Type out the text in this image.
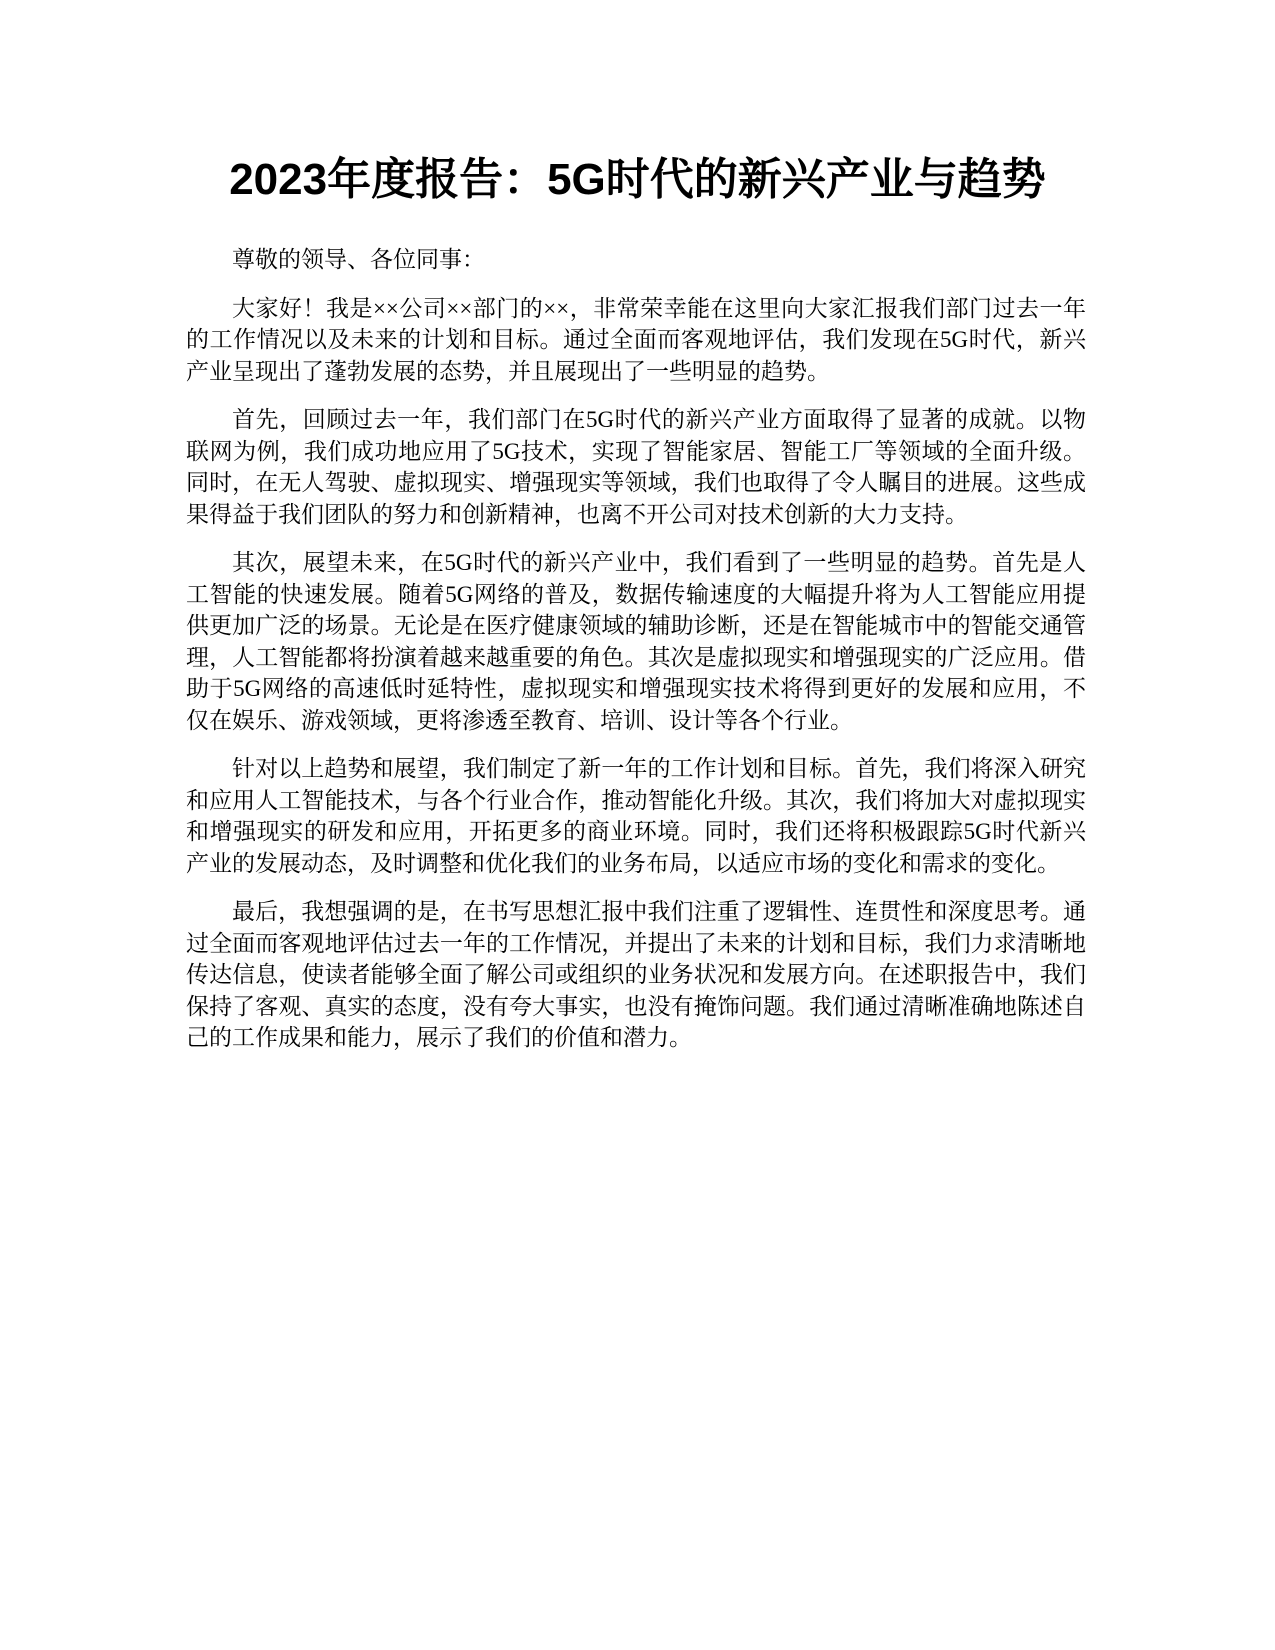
2023年度报告：5G时代的新兴产业与趋势

尊敬的领导、各位同事：

大家好！我是××公司××部门的××，非常荣幸能在这里向大家汇报我们部门过去一年的工作情况以及未来的计划和目标。通过全面而客观地评估，我们发现在5G时代，新兴产业呈现出了蓬勃发展的态势，并且展现出了一些明显的趋势。

首先，回顾过去一年，我们部门在5G时代的新兴产业方面取得了显著的成就。以物联网为例，我们成功地应用了5G技术，实现了智能家居、智能工厂等领域的全面升级。同时，在无人驾驶、虚拟现实、增强现实等领域，我们也取得了令人瞩目的进展。这些成果得益于我们团队的努力和创新精神，也离不开公司对技术创新的大力支持。

其次，展望未来，在5G时代的新兴产业中，我们看到了一些明显的趋势。首先是人工智能的快速发展。随着5G网络的普及，数据传输速度的大幅提升将为人工智能应用提供更加广泛的场景。无论是在医疗健康领域的辅助诊断，还是在智能城市中的智能交通管理，人工智能都将扮演着越来越重要的角色。其次是虚拟现实和增强现实的广泛应用。借助于5G网络的高速低时延特性，虚拟现实和增强现实技术将得到更好的发展和应用，不仅在娱乐、游戏领域，更将渗透至教育、培训、设计等各个行业。

针对以上趋势和展望，我们制定了新一年的工作计划和目标。首先，我们将深入研究和应用人工智能技术，与各个行业合作，推动智能化升级。其次，我们将加大对虚拟现实和增强现实的研发和应用，开拓更多的商业环境。同时，我们还将积极跟踪5G时代新兴产业的发展动态，及时调整和优化我们的业务布局，以适应市场的变化和需求的变化。

最后，我想强调的是，在书写思想汇报中我们注重了逻辑性、连贯性和深度思考。通过全面而客观地评估过去一年的工作情况，并提出了未来的计划和目标，我们力求清晰地传达信息，使读者能够全面了解公司或组织的业务状况和发展方向。在述职报告中，我们保持了客观、真实的态度，没有夸大事实，也没有掩饰问题。我们通过清晰准确地陈述自己的工作成果和能力，展示了我们的价值和潜力。
